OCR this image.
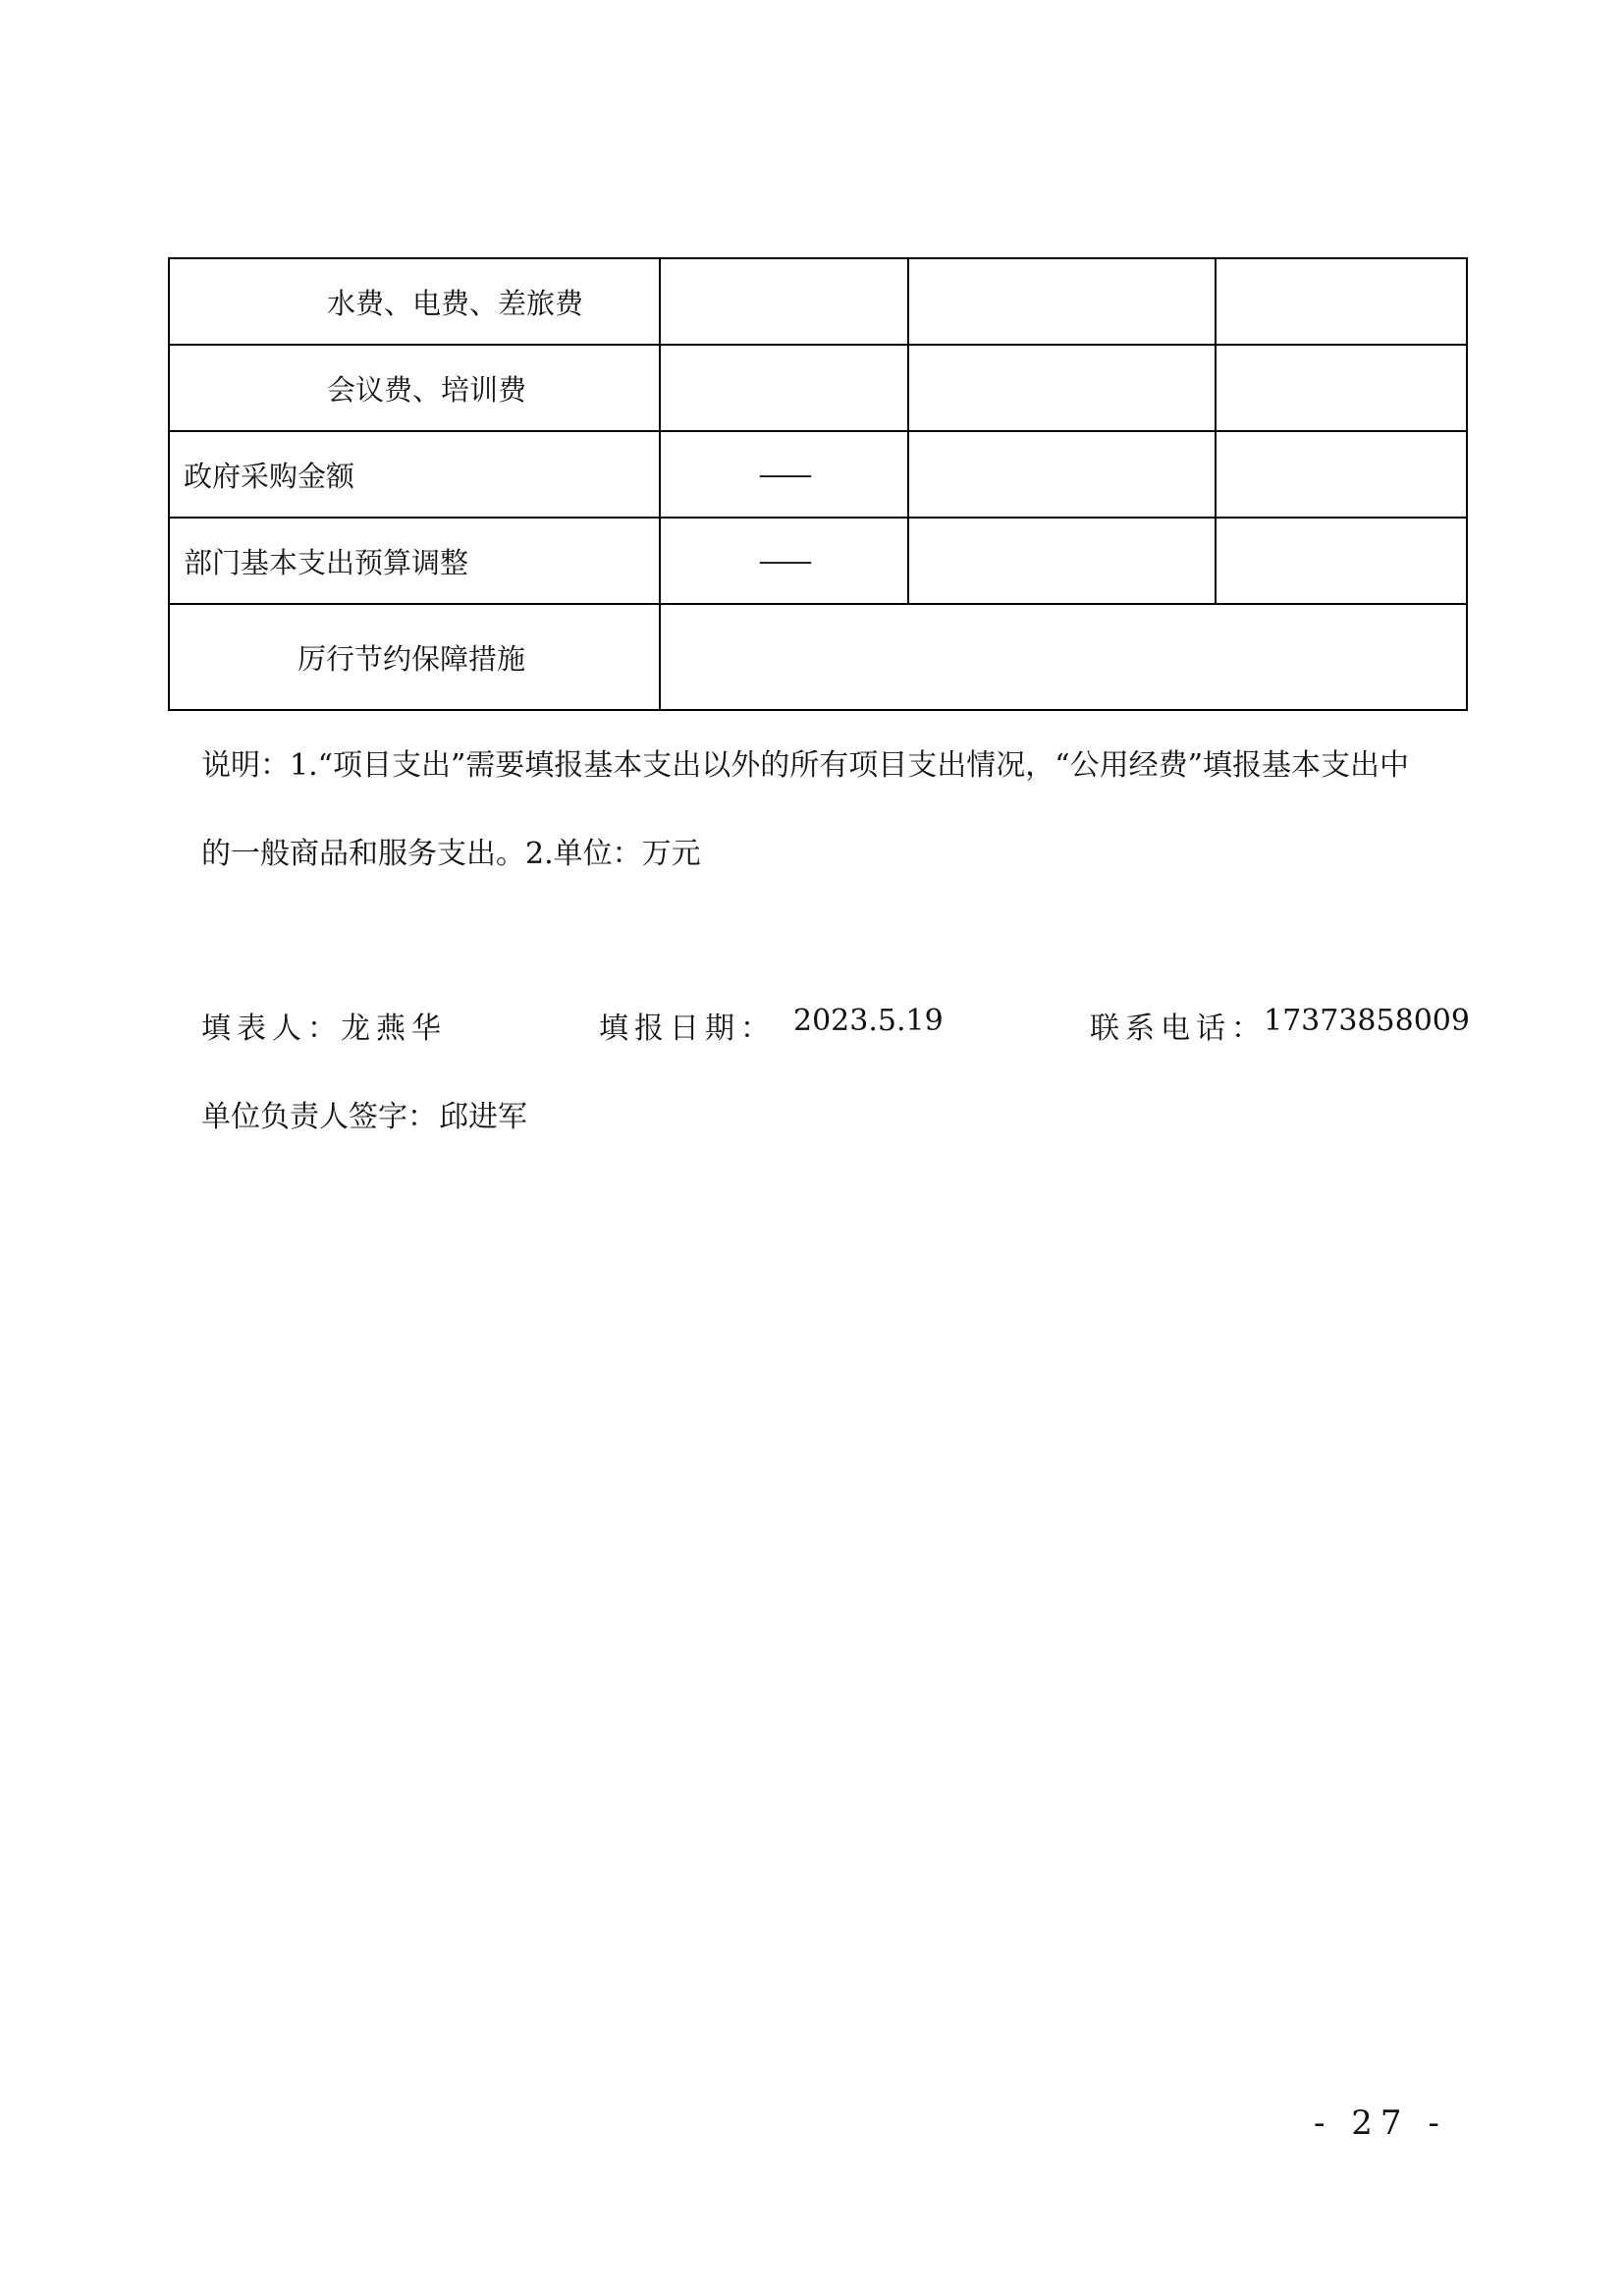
水费、电费、差旅费			
会议费、培训费			
政府采购金额	——		
部门基本支出预算调整	——		
厉行节约保障措施			
说明：1.“项目支出”需要填报基本支出以外的所有项目支出情况，“公用经费”填报基本支出中
的一般商品和服务支出。2.单位：万元
填表人：
龙燕华	填报日期： 2023.5.19	联系电话：
17373858009
单位负责人签字： 邱进军
- 27 -
